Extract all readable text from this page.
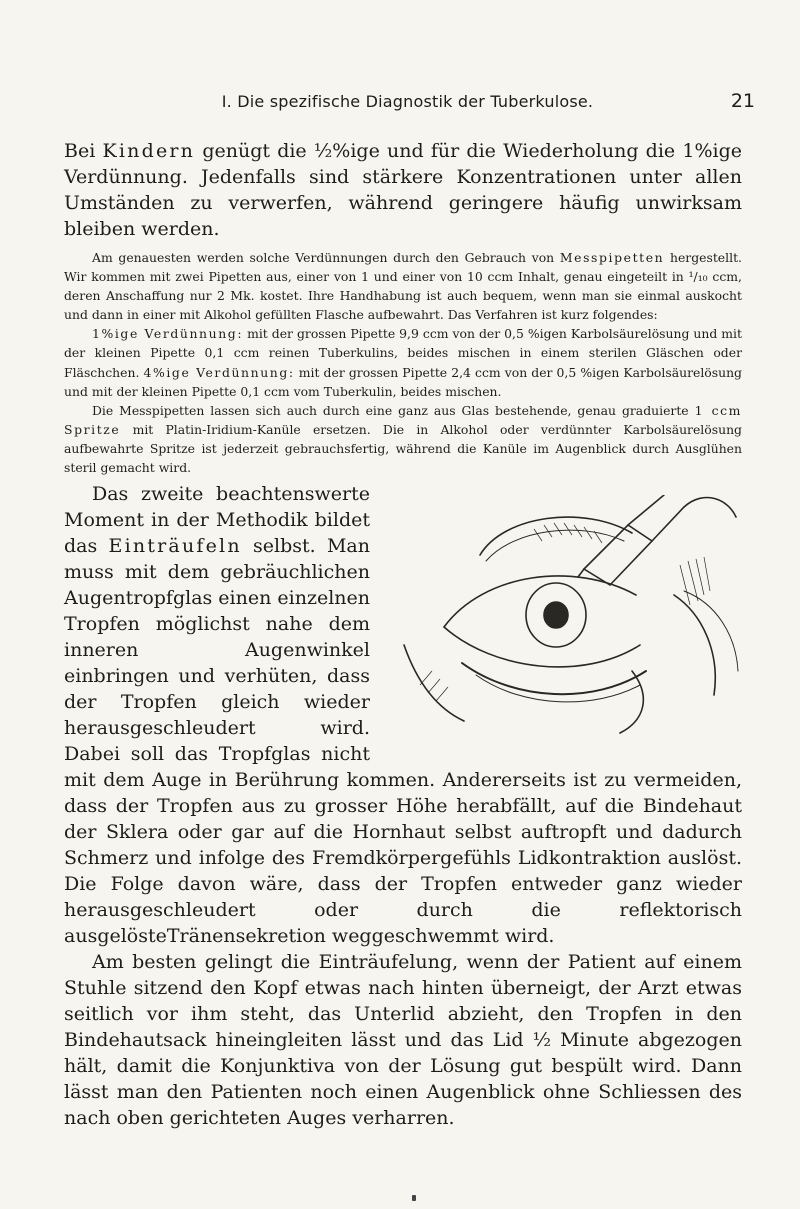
I. Die spezifische Diagnostik der Tuberkulose.	21

Bei Kindern genügt die ½%ige und für die Wiederholung die 1%ige Verdünnung. Jedenfalls sind stärkere Konzentrationen unter allen Umständen zu verwerfen, während geringere häufig unwirksam bleiben werden.

Am genauesten werden solche Verdünnungen durch den Gebrauch von Messpipetten hergestellt. Wir kommen mit zwei Pipetten aus, einer von 1 und einer von 10 ccm Inhalt, genau eingeteilt in ¹/₁₀ ccm, deren Anschaffung nur 2 Mk. kostet. Ihre Handhabung ist auch bequem, wenn man sie einmal auskocht und dann in einer mit Alkohol gefüllten Flasche aufbewahrt. Das Verfahren ist kurz folgendes:

1%ige Verdünnung: mit der grossen Pipette 9,9 ccm von der 0,5 %igen Karbolsäurelösung und mit der kleinen Pipette 0,1 ccm reinen Tuberkulins, beides mischen in einem sterilen Gläschen oder Fläschchen. 4%ige Verdünnung: mit der grossen Pipette 2,4 ccm von der 0,5 %igen Karbolsäurelösung und mit der kleinen Pipette 0,1 ccm vom Tuberkulin, beides mischen.

Die Messpipetten lassen sich auch durch eine ganz aus Glas bestehende, genau graduierte 1 ccm Spritze mit Platin-Iridium-Kanüle ersetzen. Die in Alkohol oder verdünnter Karbolsäurelösung aufbewahrte Spritze ist jederzeit gebrauchsfertig, während die Kanüle im Augenblick durch Ausglühen steril gemacht wird.

Das zweite beachtenswerte Moment in der Methodik bildet das Einträufeln selbst. Man muss mit dem gebräuchlichen Augentropfglas einen einzelnen Tropfen möglichst nahe dem inneren Augenwinkel einbringen und verhüten, dass der Tropfen gleich wieder herausgeschleudert wird. Dabei soll das Tropfglas nicht mit dem Auge in Berührung kommen. Andererseits ist zu vermeiden, dass der Tropfen aus zu grosser Höhe herabfällt, auf die Bindehaut der Sklera oder gar auf die Hornhaut selbst auftropft und dadurch Schmerz und infolge des Fremdkörpergefühls Lidkontraktion auslöst. Die Folge davon wäre, dass der Tropfen entweder ganz wieder herausgeschleudert oder durch die reflektorisch ausgelösteTränensekretion weggeschwemmt wird.

Am besten gelingt die Einträufelung, wenn der Patient auf einem Stuhle sitzend den Kopf etwas nach hinten überneigt, der Arzt etwas seitlich vor ihm steht, das Unterlid abzieht, den Tropfen in den Bindehautsack hineingleiten lässt und das Lid ½ Minute abgezogen hält, damit die Konjunktiva von der Lösung gut bespült wird. Dann lässt man den Patienten noch einen Augenblick ohne Schliessen des nach oben gerichteten Auges verharren.
